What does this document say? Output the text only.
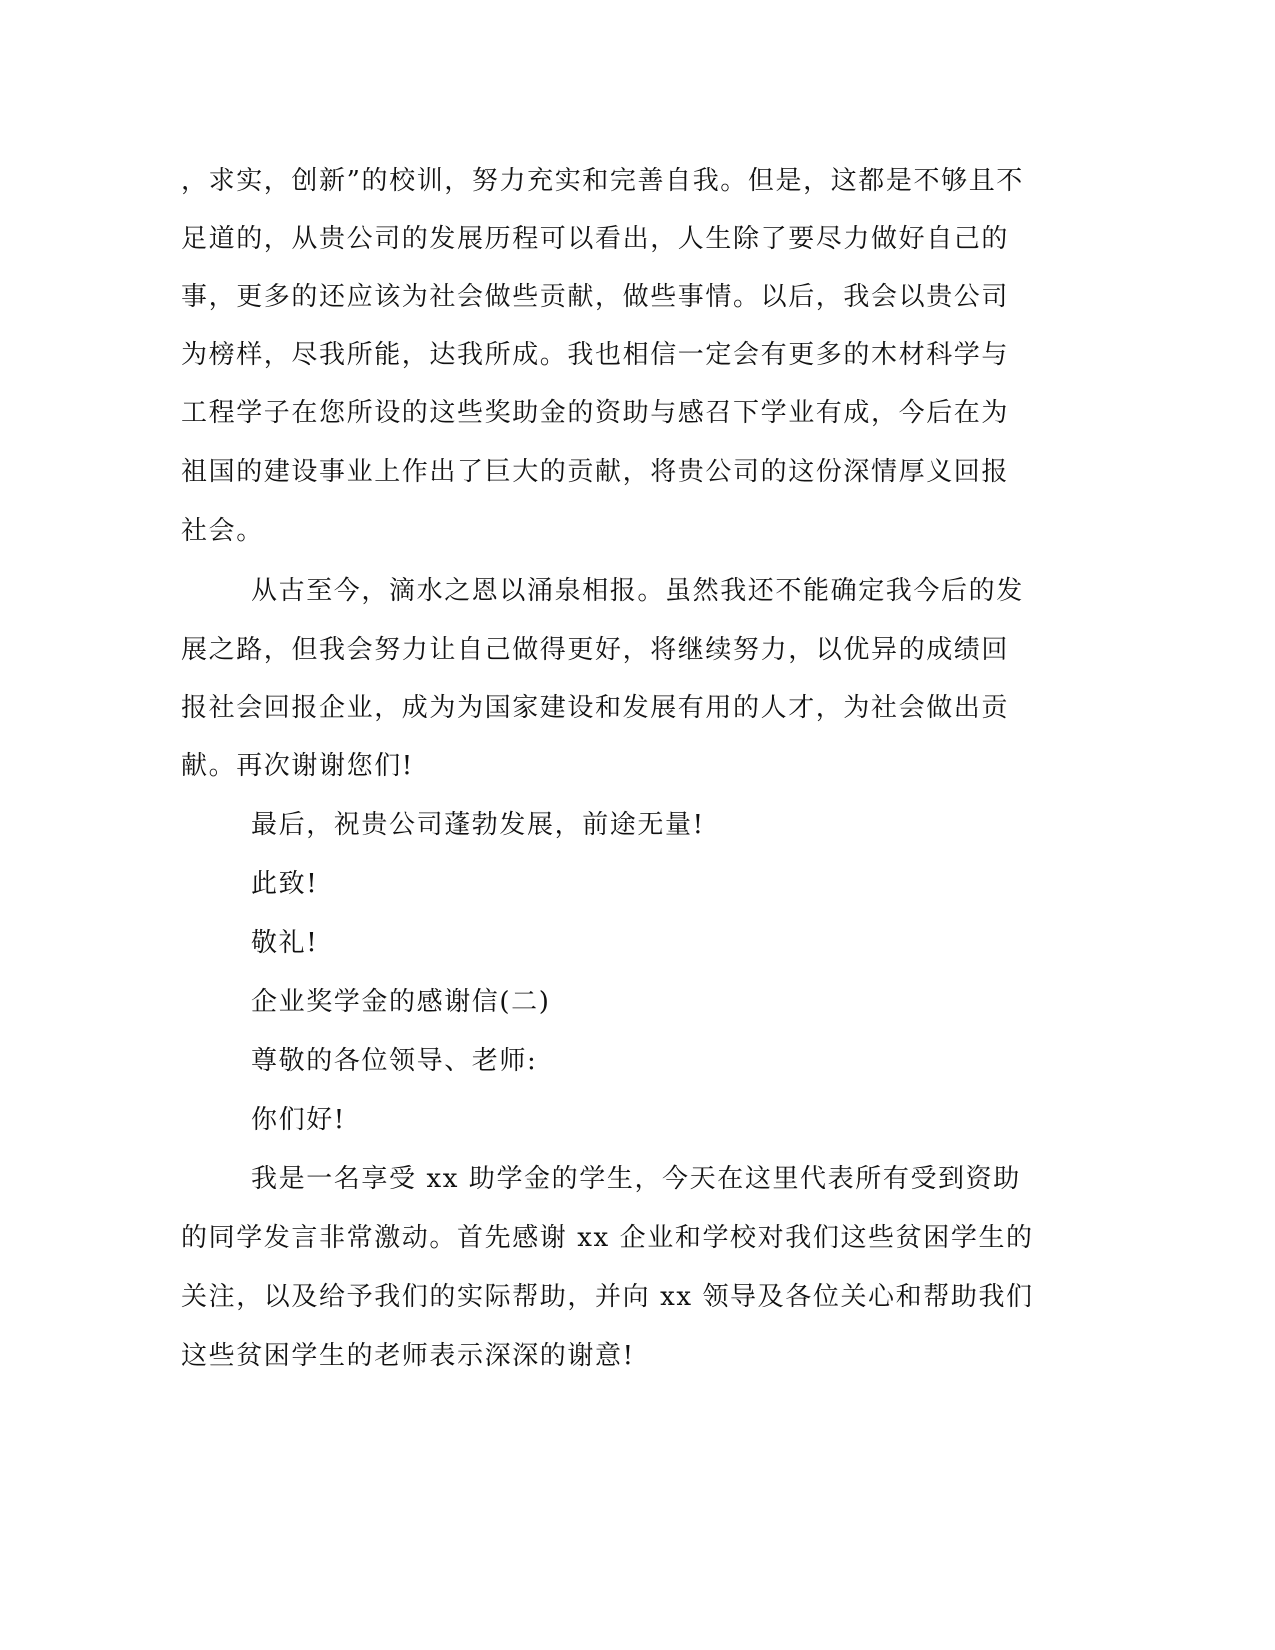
，求实，创新”的校训，努力充实和完善自我。但是，这都是不够且不
足道的，从贵公司的发展历程可以看出，人生除了要尽力做好自己的
事，更多的还应该为社会做些贡献，做些事情。以后，我会以贵公司
为榜样，尽我所能，达我所成。我也相信一定会有更多的木材科学与
工程学子在您所设的这些奖助金的资助与感召下学业有成，今后在为
祖国的建设事业上作出了巨大的贡献，将贵公司的这份深情厚义回报
社会。
从古至今，滴水之恩以涌泉相报。虽然我还不能确定我今后的发
展之路，但我会努力让自己做得更好，将继续努力，以优异的成绩回
报社会回报企业，成为为国家建设和发展有用的人才，为社会做出贡
献。再次谢谢您们!
最后，祝贵公司蓬勃发展，前途无量!
此致!
敬礼!
企业奖学金的感谢信(二)
尊敬的各位领导、老师:
你们好!
我是一名享受 xx 助学金的学生，今天在这里代表所有受到资助
的同学发言非常激动。首先感谢 xx 企业和学校对我们这些贫困学生的
关注，以及给予我们的实际帮助，并向 xx 领导及各位关心和帮助我们
这些贫困学生的老师表示深深的谢意!
